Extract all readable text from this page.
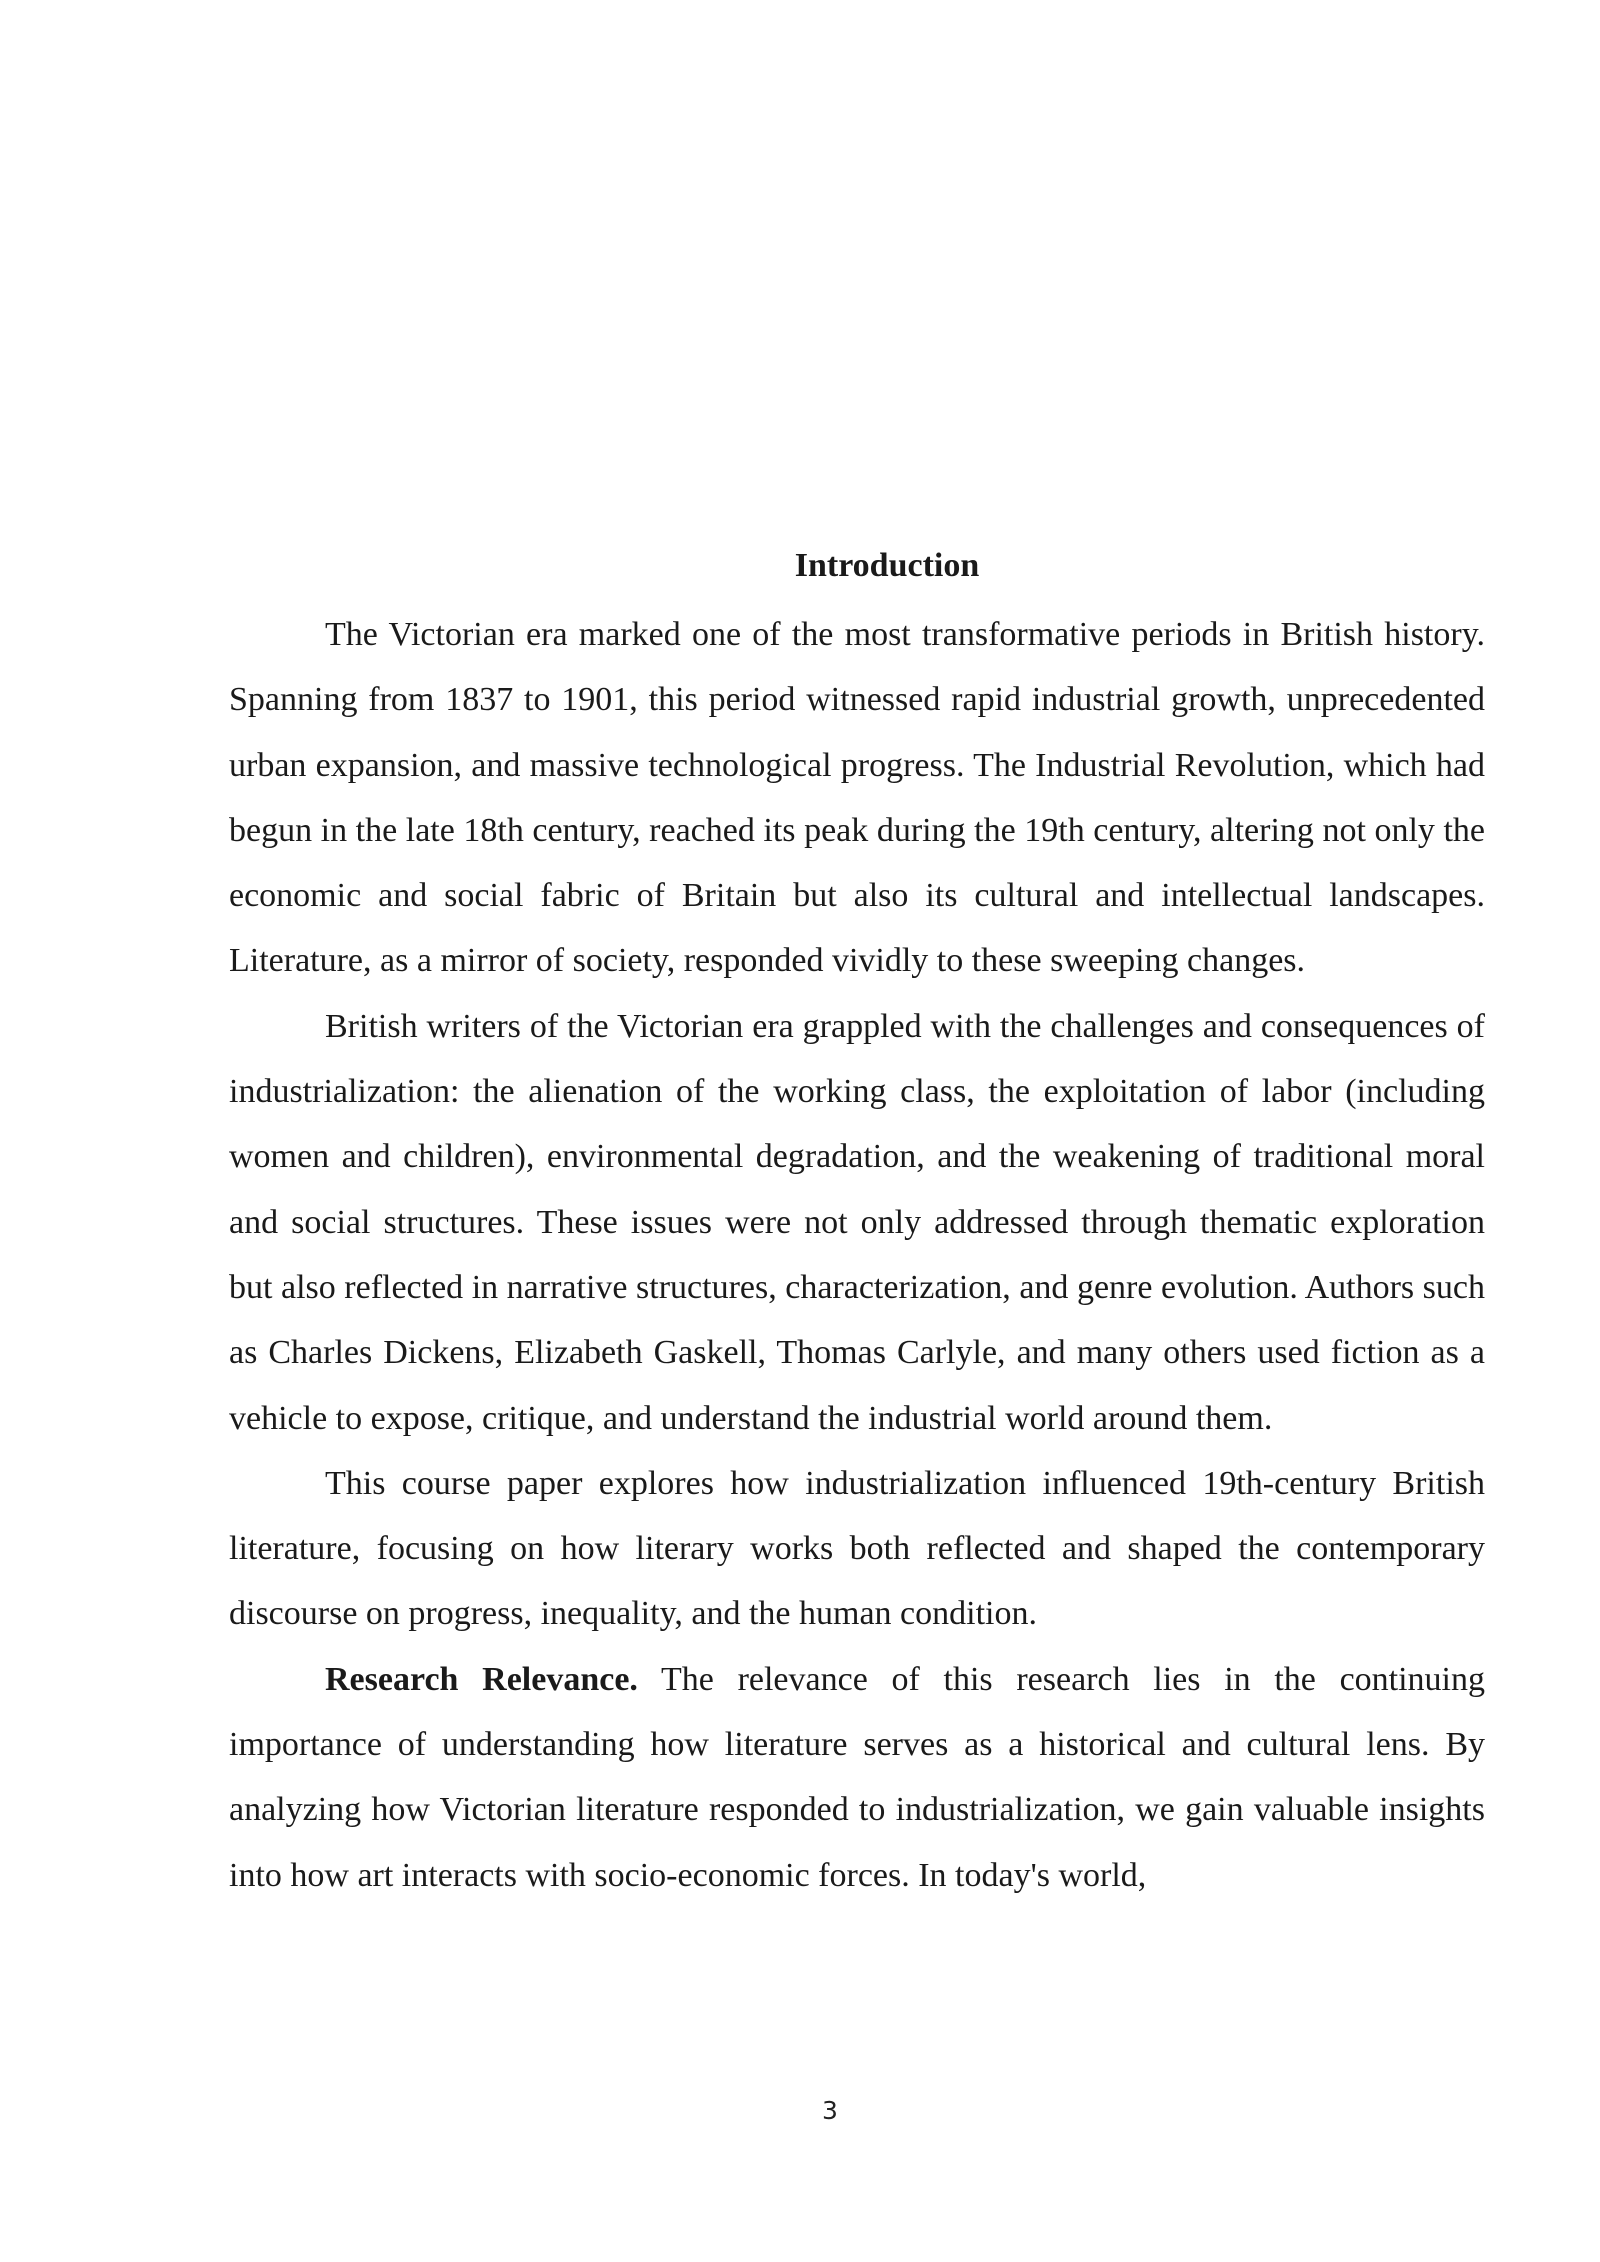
Introduction

The Victorian era marked one of the most transformative periods in British history. Spanning from 1837 to 1901, this period witnessed rapid industrial growth, unprecedented urban expansion, and massive technological progress. The Industrial Revolution, which had begun in the late 18th century, reached its peak during the 19th century, altering not only the economic and social fabric of Britain but also its cultural and intellectual landscapes. Literature, as a mirror of society, responded vividly to these sweeping changes.

British writers of the Victorian era grappled with the challenges and consequences of industrialization: the alienation of the working class, the exploitation of labor (including women and children), environmental degradation, and the weakening of traditional moral and social structures. These issues were not only addressed through thematic exploration but also reflected in narrative structures, characterization, and genre evolution. Authors such as Charles Dickens, Elizabeth Gaskell, Thomas Carlyle, and many others used fiction as a vehicle to expose, critique, and understand the industrial world around them.

This course paper explores how industrialization influenced 19th-century British literature, focusing on how literary works both reflected and shaped the contemporary discourse on progress, inequality, and the human condition.

Research Relevance. The relevance of this research lies in the continuing importance of understanding how literature serves as a historical and cultural lens. By analyzing how Victorian literature responded to industrialization, we gain valuable insights into how art interacts with socio-economic forces. In today's world,

3
